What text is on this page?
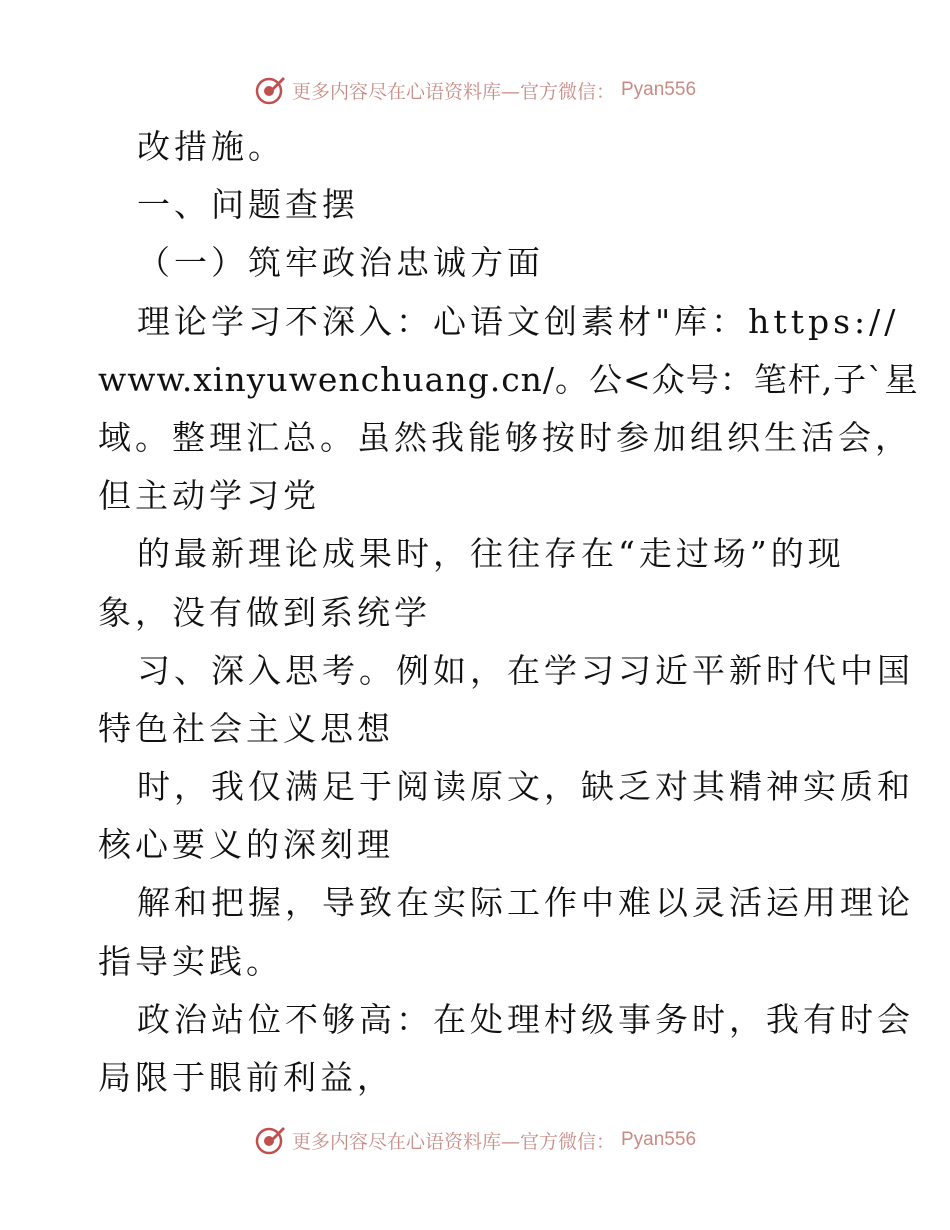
更多内容尽在心语资料库—官方微信： Pyan556
改措施。
一、问题查摆
（一）筑牢政治忠诚方面
理论学习不深入：心语文创素材"库：https://
www.xinyuwenchuang.cn/。公<众号：笔杆,子`星
域。整理汇总。虽然我能够按时参加组织生活会，
但主动学习党
的最新理论成果时，往往存在“走过场”的现
象，没有做到系统学
习、深入思考。例如，在学习习近平新时代中国
特色社会主义思想
时，我仅满足于阅读原文，缺乏对其精神实质和
核心要义的深刻理
解和把握，导致在实际工作中难以灵活运用理论
指导实践。
政治站位不够高：在处理村级事务时，我有时会
局限于眼前利益，
更多内容尽在心语资料库—官方微信： Pyan556
